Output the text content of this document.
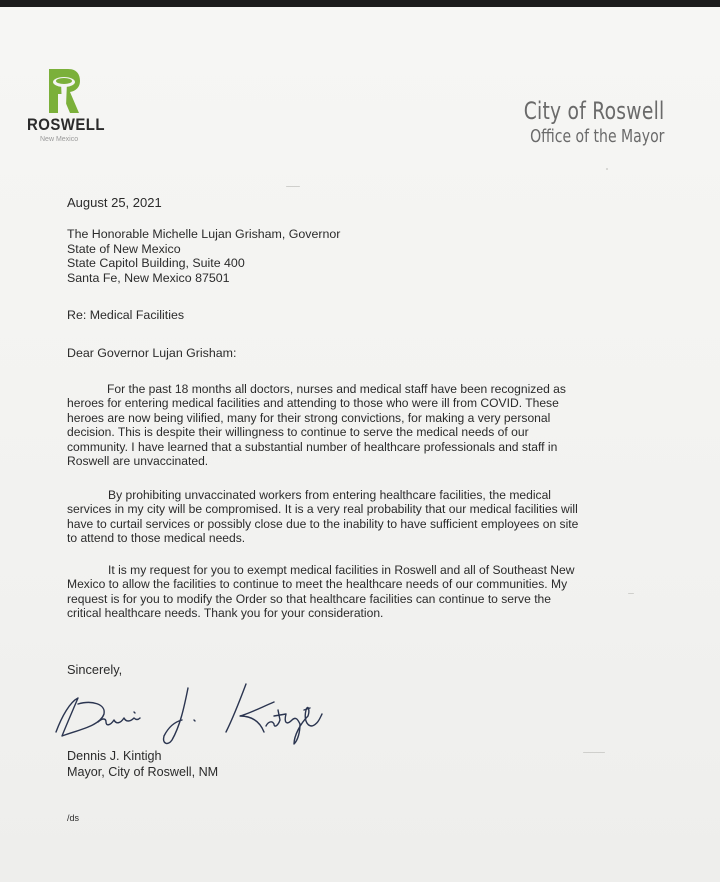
ROSWELL
New Mexico
City of Roswell
Office of the Mayor
August 25, 2021
The Honorable Michelle Lujan Grisham, Governor
State of New Mexico
State Capitol Building, Suite 400
Santa Fe, New Mexico 87501
Re: Medical Facilities
Dear Governor Lujan Grisham:
For the past 18 months all doctors, nurses and medical staff have been recognized as
heroes for entering medical facilities and attending to those who were ill from COVID. These
heroes are now being vilified, many for their strong convictions, for making a very personal
decision. This is despite their willingness to continue to serve the medical needs of our
community. I have learned that a substantial number of healthcare professionals and staff in
Roswell are unvaccinated.
By prohibiting unvaccinated workers from entering healthcare facilities, the medical
services in my city will be compromised. It is a very real probability that our medical facilities will
have to curtail services or possibly close due to the inability to have sufficient employees on site
to attend to those medical needs.
It is my request for you to exempt medical facilities in Roswell and all of Southeast New
Mexico to allow the facilities to continue to meet the healthcare needs of our communities. My
request is for you to modify the Order so that healthcare facilities can continue to serve the
critical healthcare needs. Thank you for your consideration.
Sincerely,
Dennis J. Kintigh
Mayor, City of Roswell, NM
/ds
